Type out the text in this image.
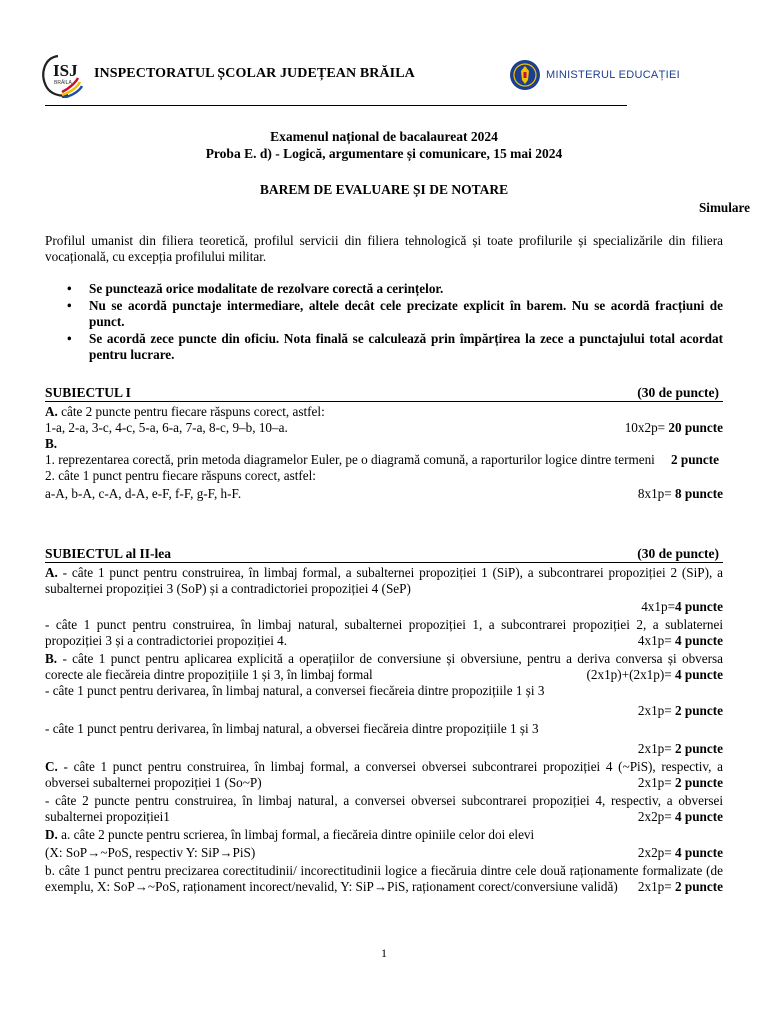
ISJ
BRĂILA
INSPECTORATUL ȘCOLAR JUDEȚEAN BRĂILA	MINISTERUL EDUCAȚIEI
Examenul național de bacalaureat 2024
Proba E. d) - Logică, argumentare și comunicare, 15 mai 2024
BAREM DE EVALUARE ȘI DE NOTARE
Simulare
Profilul umanist din filiera teoretică, profilul servicii din filiera tehnologică și toate profilurile și specializările din filiera vocațională, cu excepția profilului militar.
• Se punctează orice modalitate de rezolvare corectă a cerințelor.
• Nu se acordă punctaje intermediare, altele decât cele precizate explicit în barem. Nu se acordă fracțiuni de punct.
• Se acordă zece puncte din oficiu. Nota finală se calculează prin împărțirea la zece a punctajului total acordat pentru lucrare.
SUBIECTUL I	(30 de puncte)
A. câte 2 puncte pentru fiecare răspuns corect, astfel:
1-a, 2-a, 3-c, 4-c, 5-a, 6-a, 7-a, 8-c, 9–b, 10–a.	10x2p= 20 puncte
B.
1. reprezentarea corectă, prin metoda diagramelor Euler, pe o diagramă comună, a raporturilor logice dintre termeni	2 puncte
2. câte 1 punct pentru fiecare răspuns corect, astfel:
a-A, b-A, c-A, d-A, e-F, f-F, g-F, h-F.	8x1p= 8 puncte
SUBIECTUL al II-lea	(30 de puncte)
A. - câte 1 punct pentru construirea, în limbaj formal, a subalternei propoziției 1 (SiP), a subcontrarei propoziției 2 (SiP), a subalternei propoziției 3 (SoP) și a contradictoriei propoziției 4 (SeP)
4x1p=4 puncte
- câte 1 punct pentru construirea, în limbaj natural, subalternei propoziției 1, a subcontrarei propoziției 2, a sublaternei propoziției 3 și a contradictoriei propoziției 4.	4x1p= 4 puncte
B. - câte 1 punct pentru aplicarea explicită a operațiilor de conversiune și obversiune, pentru a deriva conversa și obversa corecte ale fiecăreia dintre propozițiile 1 și 3, în limbaj formal	(2x1p)+(2x1p)= 4 puncte
- câte 1 punct pentru derivarea, în limbaj natural, a conversei fiecăreia dintre propozițiile 1 și 3
2x1p= 2 puncte
- câte 1 punct pentru derivarea, în limbaj natural, a obversei fiecăreia dintre propozițiile 1 și 3
2x1p= 2 puncte
C. - câte 1 punct pentru construirea, în limbaj formal, a conversei obversei subcontrarei propoziției 4 (~PiS), respectiv, a obversei subalternei propoziției 1 (So~P)	2x1p= 2 puncte
- câte 2 puncte pentru construirea, în limbaj natural, a conversei obversei subcontrarei propoziției 4, respectiv, a obversei subalternei propoziției1	2x2p= 4 puncte
D. a. câte 2 puncte pentru scrierea, în limbaj formal, a fiecăreia dintre opiniile celor doi elevi
(X: SoP→~PoS, respectiv Y: SiP→PiS)	2x2p= 4 puncte
b. câte 1 punct pentru precizarea corectitudinii/ incorectitudinii logice a fiecăruia dintre cele două raționamente formalizate (de exemplu, X: SoP→~PoS, raționament incorect/nevalid, Y: SiP→PiS, raționament corect/conversiune validă)	2x1p= 2 puncte
1
